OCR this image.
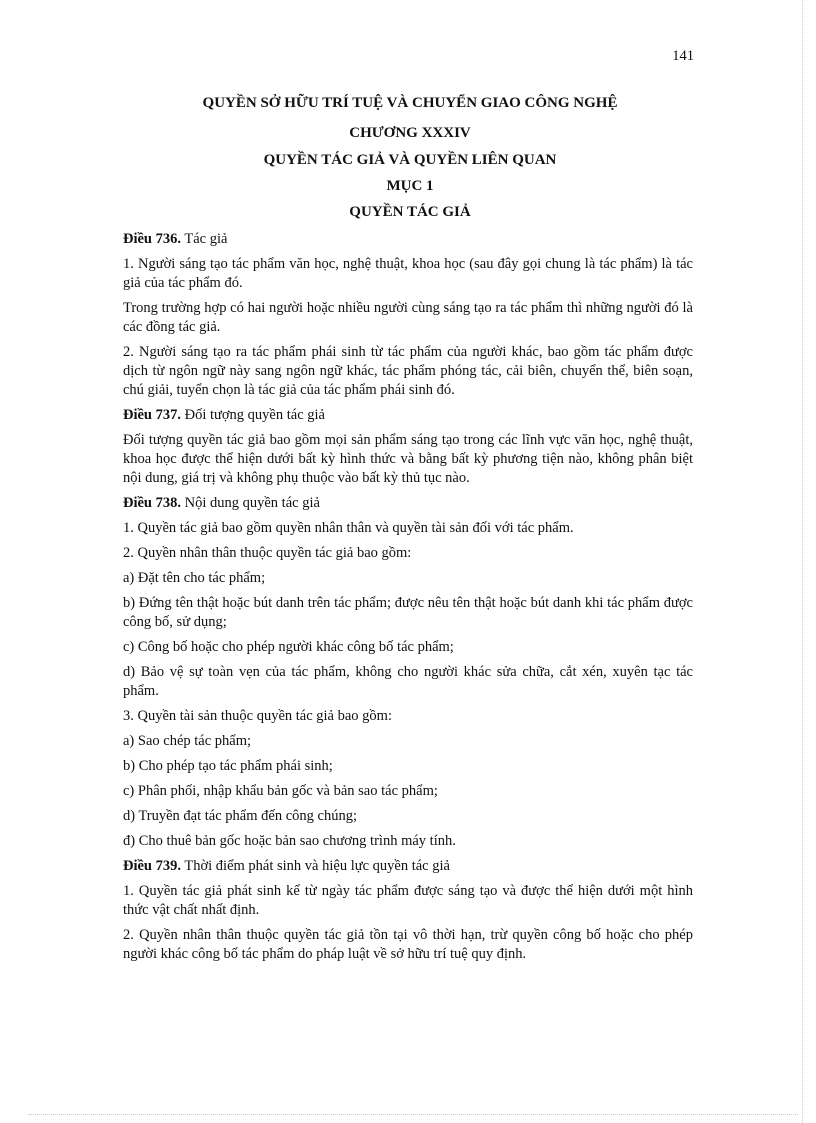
141
QUYỀN SỞ HỮU TRÍ TUỆ VÀ CHUYỂN GIAO CÔNG NGHỆ
CHƯƠNG XXXIV
QUYỀN TÁC GIẢ VÀ QUYỀN LIÊN QUAN
MỤC 1
QUYỀN TÁC GIẢ

Điều 736. Tác giả

1. Người sáng tạo tác phẩm văn học, nghệ thuật, khoa học (sau đây gọi chung là tác phẩm) là tác giả của tác phẩm đó.

Trong trường hợp có hai người hoặc nhiều người cùng sáng tạo ra tác phẩm thì những người đó là các đồng tác giả.

2. Người sáng tạo ra tác phẩm phái sinh từ tác phẩm của người khác, bao gồm tác phẩm được dịch từ ngôn ngữ này sang ngôn ngữ khác, tác phẩm phóng tác, cải biên, chuyển thể, biên soạn, chú giải, tuyển chọn là tác giả của tác phẩm phái sinh đó.

Điều 737. Đối tượng quyền tác giả

Đối tượng quyền tác giả bao gồm mọi sản phẩm sáng tạo trong các lĩnh vực văn học, nghệ thuật, khoa học được thể hiện dưới bất kỳ hình thức và bằng bất kỳ phương tiện nào, không phân biệt nội dung, giá trị và không phụ thuộc vào bất kỳ thủ tục nào.

Điều 738. Nội dung quyền tác giả

1. Quyền tác giả bao gồm quyền nhân thân và quyền tài sản đối với tác phẩm.

2. Quyền nhân thân thuộc quyền tác giả bao gồm:

a) Đặt tên cho tác phẩm;

b) Đứng tên thật hoặc bút danh trên tác phẩm; được nêu tên thật hoặc bút danh khi tác phẩm được công bố, sử dụng;

c) Công bố hoặc cho phép người khác công bố tác phẩm;

d) Bảo vệ sự toàn vẹn của tác phẩm, không cho người khác sửa chữa, cắt xén, xuyên tạc tác phẩm.

3. Quyền tài sản thuộc quyền tác giả bao gồm:

a) Sao chép tác phẩm;

b) Cho phép tạo tác phẩm phái sinh;

c) Phân phối, nhập khẩu bản gốc và bản sao tác phẩm;

d) Truyền đạt tác phẩm đến công chúng;

đ) Cho thuê bản gốc hoặc bản sao chương trình máy tính.

Điều 739. Thời điểm phát sinh và hiệu lực quyền tác giả

1. Quyền tác giả phát sinh kể từ ngày tác phẩm được sáng tạo và được thể hiện dưới một hình thức vật chất nhất định.

2. Quyền nhân thân thuộc quyền tác giả tồn tại vô thời hạn, trừ quyền công bố hoặc cho phép người khác công bố tác phẩm do pháp luật về sở hữu trí tuệ quy định.
